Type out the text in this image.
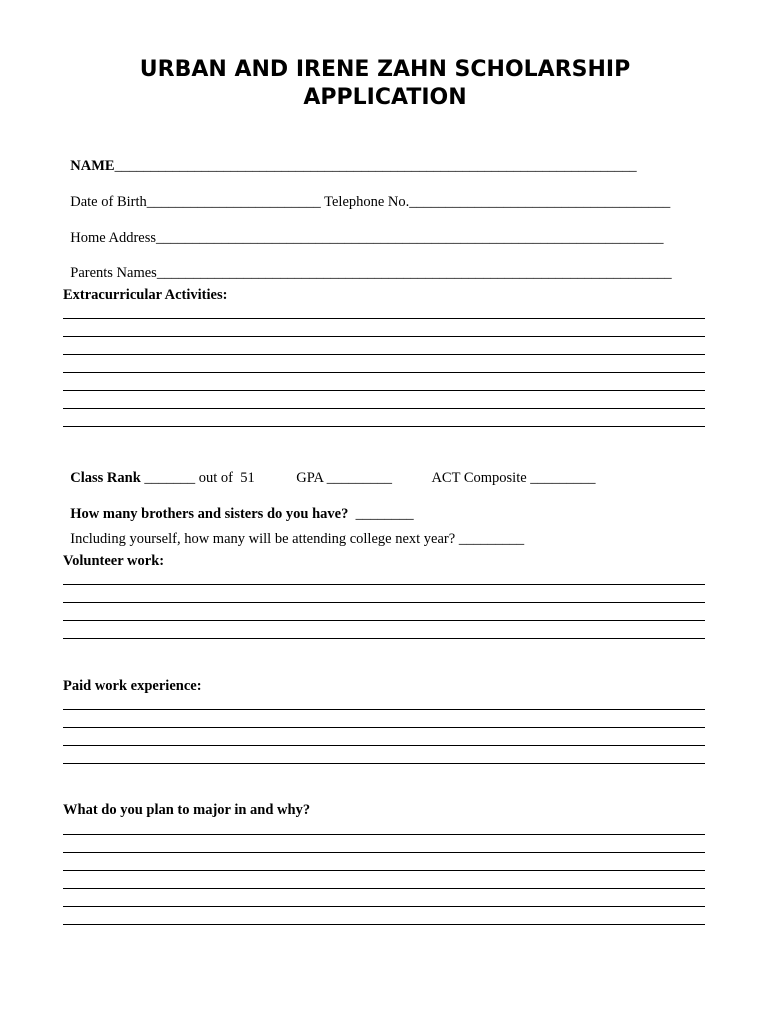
URBAN AND IRENE ZAHN SCHOLARSHIP
APPLICATION

NAME________________________________________________________________________

Date of Birth________________________ Telephone No.____________________________________

Home Address______________________________________________________________________

Parents Names_______________________________________________________________________

Extracurricular Activities:

Class Rank _______ out of  51	GPA _________	ACT Composite _________

How many brothers and sisters do you have?  ________

Including yourself, how many will be attending college next year? _________

Volunteer work:
Paid work experience:
What do you plan to major in and why?
